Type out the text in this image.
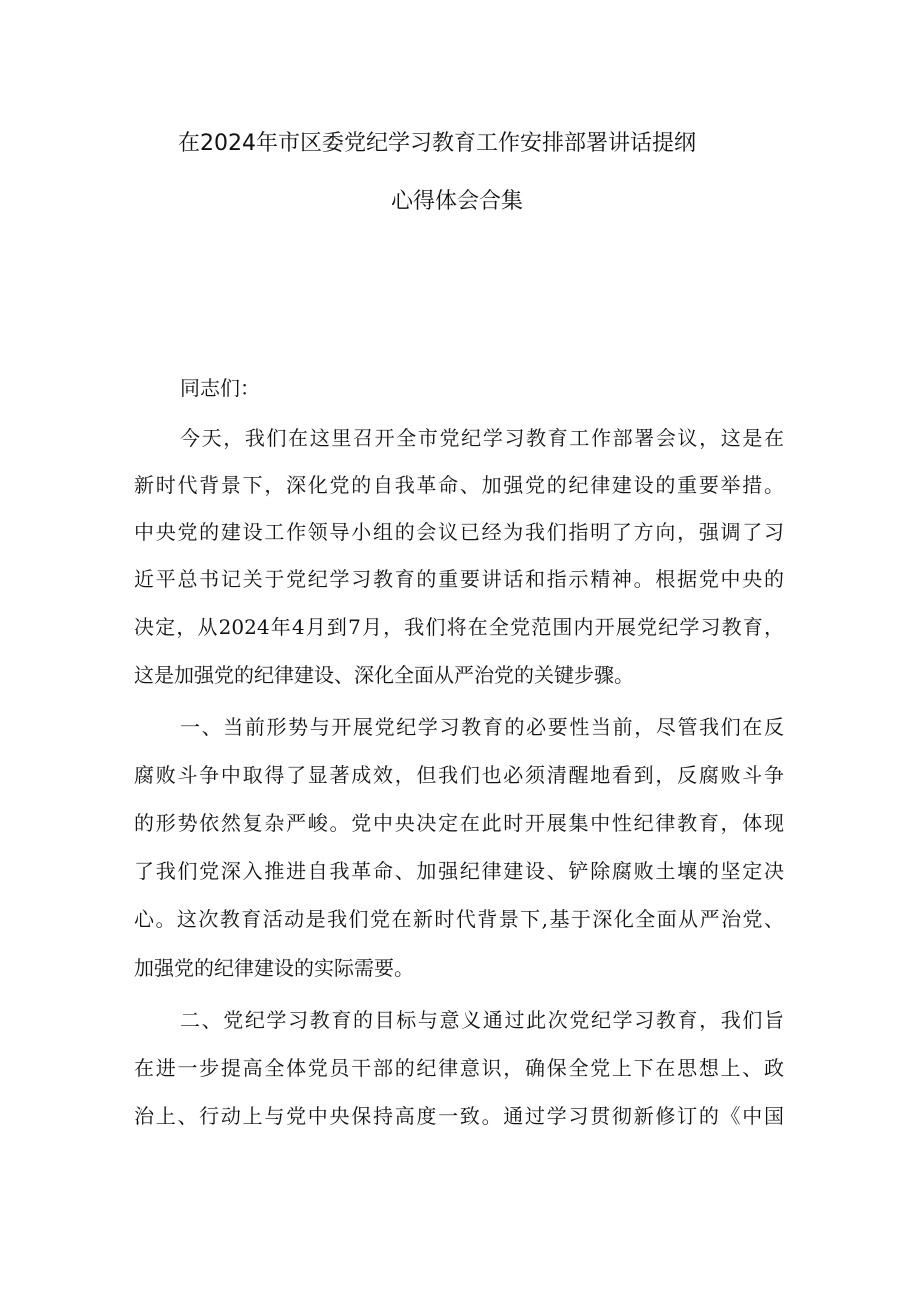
在2024年市区委党纪学习教育工作安排部署讲话提纲
心得体会合集
同志们：
今天，我们在这里召开全市党纪学习教育工作部署会议，这是在
新时代背景下，深化党的自我革命、加强党的纪律建设的重要举措。
中央党的建设工作领导小组的会议已经为我们指明了方向，强调了习
近平总书记关于党纪学习教育的重要讲话和指示精神。根据党中央的
决定，从2024年4月到7月，我们将在全党范围内开展党纪学习教育，
这是加强党的纪律建设、深化全面从严治党的关键步骤。
一、当前形势与开展党纪学习教育的必要性当前，尽管我们在反
腐败斗争中取得了显著成效，但我们也必须清醒地看到，反腐败斗争
的形势依然复杂严峻。党中央决定在此时开展集中性纪律教育，体现
了我们党深入推进自我革命、加强纪律建设、铲除腐败土壤的坚定决
心。这次教育活动是我们党在新时代背景下,基于深化全面从严治党、
加强党的纪律建设的实际需要。
二、党纪学习教育的目标与意义通过此次党纪学习教育，我们旨
在进一步提高全体党员干部的纪律意识，确保全党上下在思想上、政
治上、行动上与党中央保持高度一致。通过学习贯彻新修订的《中国
